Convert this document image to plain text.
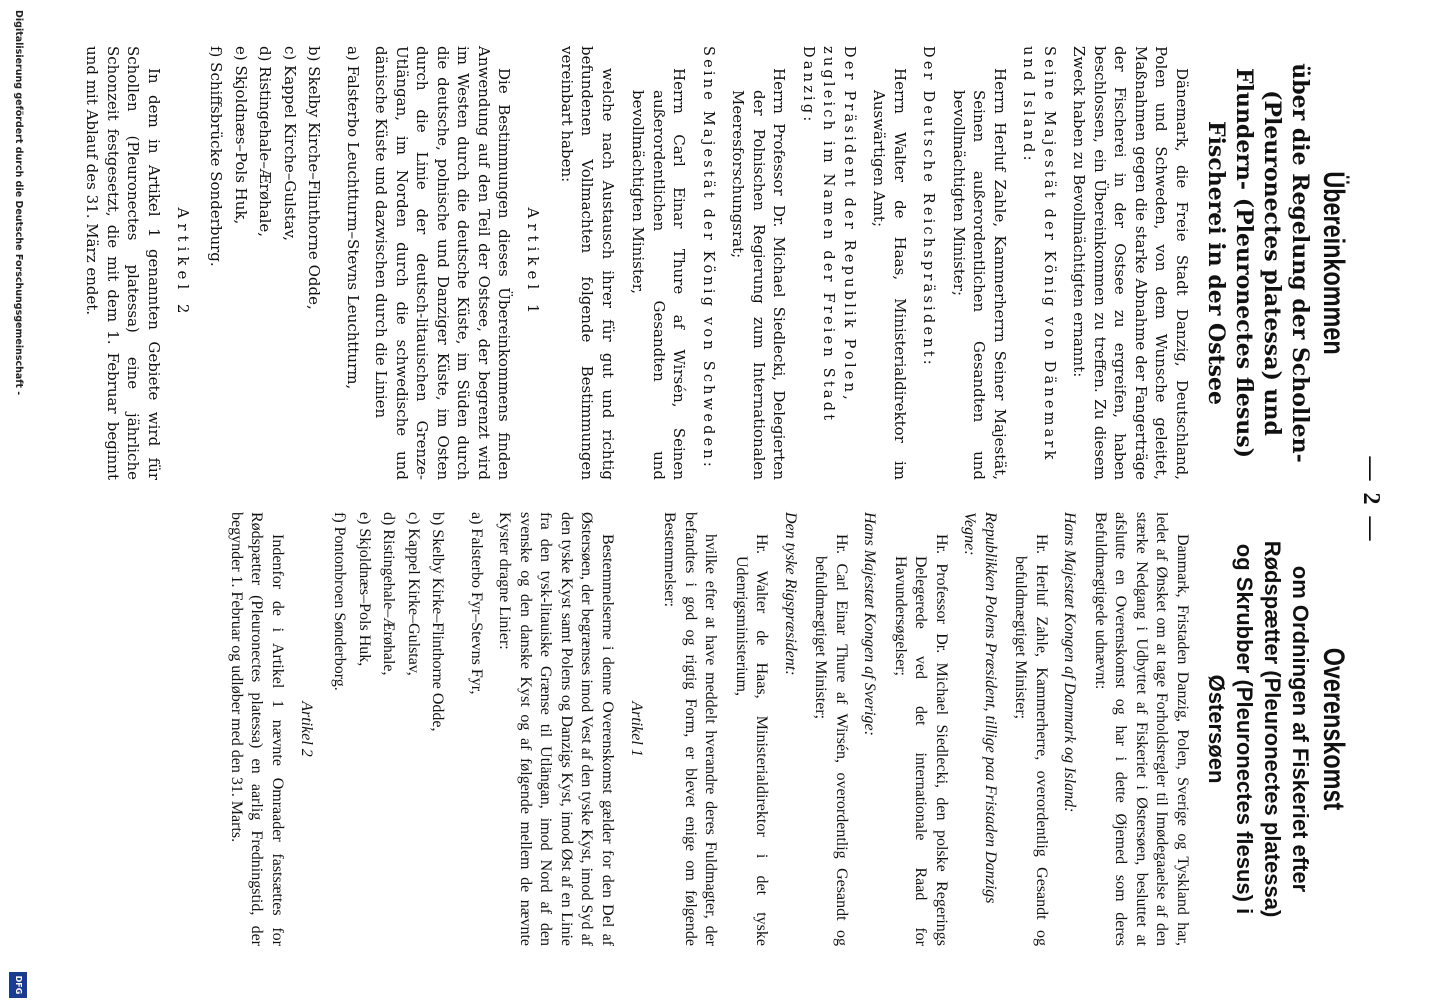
— 2 —
Übereinkommen
über die Regelung der Schollen- (Pleuronectes platessa) und Flundern- (Pleuronectes flesus) Fischerei in der Ostsee

Dänemark, die Freie Stadt Danzig, Deutschland, Polen und Schweden, von dem Wunsche geleitet, Maßnahmen gegen die starke Abnahme der Fangerträge der Fischerei in der Ostsee zu ergreifen, haben beschlossen, ein Übereinkommen zu treffen. Zu diesem Zweck haben zu Bevollmächtigten ernannt:

Seine Majestät der König von Dänemark und Island:
Herrn Herluf Zahle, Kammerherrn Seiner Majestät, Seinen außerordentlichen Gesandten und bevollmächtigten Minister;
Der Deutsche Reichspräsident:
Herrn Walter de Haas, Ministerialdirektor im Auswärtigen Amt;
Der Präsident der Republik Polen, zugleich im Namen der Freien Stadt Danzig:
Herrn Professor Dr. Michael Siedlecki, Delegierten der Polnischen Regierung zum Internationalen Meeresforschungsrat;
Seine Majestät der König von Schweden:
Herrn Carl Einar Thure af Wirsén, Seinen außerordentlichen Gesandten und bevollmächtigten Minister,

welche nach Austausch ihrer für gut und richtig befundenen Vollmachten folgende Bestimmungen vereinbart haben:

Artikel 1

Die Bestimmungen dieses Übereinkommens finden Anwendung auf den Teil der Ostsee, der begrenzt wird im Westen durch die deutsche Küste, im Süden durch die deutsche, polnische und Danziger Küste, im Osten durch die Linie der deutsch-litauischen Grenze-Utlängan, im Norden durch die schwedische und dänische Küste und dazwischen durch die Linien

a) Falsterbo Leuchtturm–Stevns Leuchtturm,
b) Skelby Kirche–Flinthorne Odde,
c) Kappel Kirche–Gulstav,
d) Ristingehale–Ærøhale,
e) Skjoldnæs–Pols Huk,
f) Schiffsbrücke Sonderburg.
Artikel 2

In dem in Artikel 1 genannten Gebiete wird für Schollen (Pleuronectes platessa) eine jährliche Schonzeit festgesetzt, die mit dem 1. Februar beginnt und mit Ablauf des 31. März endet.

Overenskomst
om Ordningen af Fiskeriet efter Rødspætter (Pleuronectes platessa) og Skrubber (Pleuronectes flesus) i Østersøen

Danmark, Fristaden Danzig, Polen, Sverige og Tyskland har, ledet af Ønsket om at tage Forholdsregler til Imødegaaelse af den stærke Nedgang i Udbyttet af Fiskeriet i Østersøen, besluttet at afslutte en Overenskomst og har i dette Øjemed som deres Befuldmægtigede udnævnt:

Hans Majestæt Kongen af Danmark og Island:
Hr. Herluf Zahle, Kammerherre, overordentlig Gesandt og befuldmægtiget Minister;
Republikken Polens Præsident, tillige paa Fristaden Danzigs Vegne:
Hr. Professor Dr. Michael Siedlecki, den polske Regerings Delegerede ved det internationale Raad for Havundersøgelser;
Hans Majestæt Kongen af Sverige:
Hr. Carl Einar Thure af Wirsén, overordentlig Gesandt og befuldmægtiget Minister;
Den tyske Rigspræsident:
Hr. Walter de Haas, Ministerialdirektor i det tyske Udenrigsministerium,

hvilke efter at have meddelt hverandre deres Fuldmagter, der befandtes i god og rigtig Form, er blevet enige om følgende Bestemmelser:

Artikel 1

Bestemmelserne i denne Overenskomst gælder for den Del af Østersøen, der begrænses imod Vest af den tyske Kyst, imod Syd af den tyske Kyst samt Polens og Danzigs Kyst, imod Øst af en Linie fra den tysk-litauiske Grænse til Utlängan, imod Nord af den svenske og den danske Kyst og af følgende mellem de nævnte Kyster dragne Linier:

a) Falsterbo Fyr–Stevns Fyr,
b) Skelby Kirke–Flinthorne Odde,
c) Kappel Kirke–Gulstav,
d) Ristingehale–Ærøhale,
e) Skjoldnæs–Pols Huk,
f) Pontonbroen Sønderborg.
Artikel 2

Indenfor de i Artikel 1 nævnte Omraader fastsættes for Rødspætter (Pleuronectes platessa) en aarlig Fredningstid, der begynder 1. Februar og udløber med den 31. Marts.

Digitalisierung gefördert durch die Deutsche Forschungsgemeinschaft -
DFG
